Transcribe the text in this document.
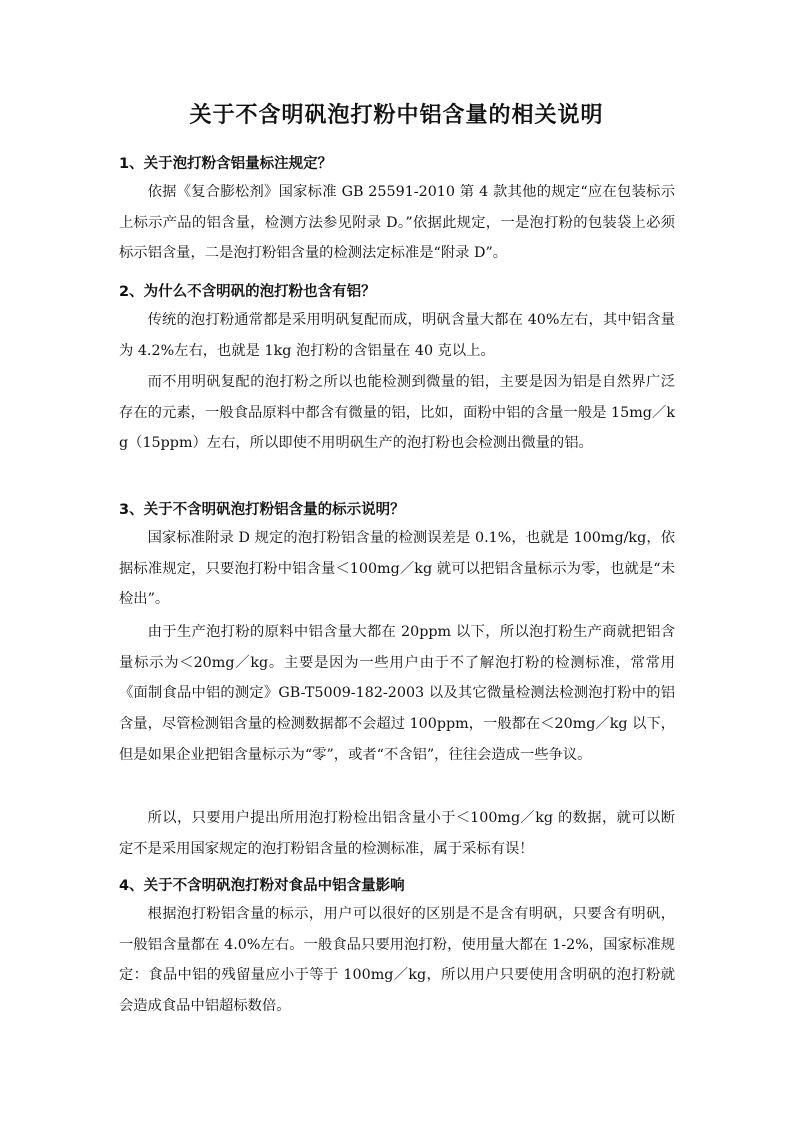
关于不含明矾泡打粉中铝含量的相关说明
1、关于泡打粉含铝量标注规定？

依据《复合膨松剂》国家标准 GB 25591-2010 第 4 款其他的规定“应在包装标示上标示产品的铝含量，检测方法参见附录 D。”依据此规定，一是泡打粉的包装袋上必须标示铝含量，二是泡打粉铝含量的检测法定标准是“附录 D”。

2、为什么不含明矾的泡打粉也含有铝？

传统的泡打粉通常都是采用明矾复配而成，明矾含量大都在 40%左右，其中铝含量为 4.2%左右，也就是 1kg 泡打粉的含铝量在 40 克以上。

而不用明矾复配的泡打粉之所以也能检测到微量的铝，主要是因为铝是自然界广泛存在的元素，一般食品原料中都含有微量的铝，比如，面粉中铝的含量一般是 15mg／kg（15ppm）左右，所以即使不用明矾生产的泡打粉也会检测出微量的铝。

3、关于不含明矾泡打粉铝含量的标示说明？

国家标准附录 D 规定的泡打粉铝含量的检测误差是 0.1%，也就是 100mg/kg，依据标准规定，只要泡打粉中铝含量＜100mg／kg 就可以把铝含量标示为零，也就是“未检出”。

由于生产泡打粉的原料中铝含量大都在 20ppm 以下，所以泡打粉生产商就把铝含量标示为＜20mg／kg。主要是因为一些用户由于不了解泡打粉的检测标准，常常用《面制食品中铝的测定》GB-T5009-182-2003 以及其它微量检测法检测泡打粉中的铝含量，尽管检测铝含量的检测数据都不会超过 100ppm，一般都在＜20mg／kg 以下，但是如果企业把铝含量标示为“零”，或者“不含铝”，往往会造成一些争议。

所以，只要用户提出所用泡打粉检出铝含量小于＜100mg／kg 的数据，就可以断定不是采用国家规定的泡打粉铝含量的检测标准，属于采标有误！

4、关于不含明矾泡打粉对食品中铝含量影响

根据泡打粉铝含量的标示，用户可以很好的区别是不是含有明矾，只要含有明矾，一般铝含量都在 4.0%左右。一般食品只要用泡打粉，使用量大都在 1-2%，国家标准规定：食品中铝的残留量应小于等于 100mg／kg，所以用户只要使用含明矾的泡打粉就会造成食品中铝超标数倍。
